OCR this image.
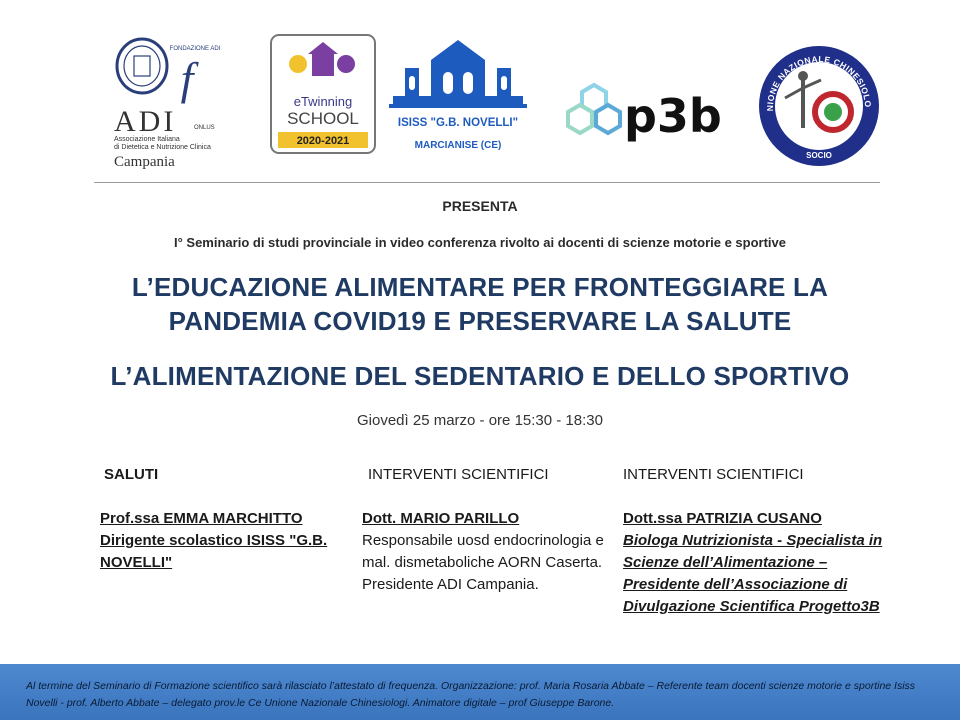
FONDAZIONE ADI
f
ADI	ONLUS
Associazione Italiana
di Dietetica e Nutrizione Clinica
Campania
eTwinning
SCHOOL
2020-2021
ISISS "G.B. NOVELLI"
MARCIANISE (CE)
p3b	NIONE NAZIONALE CHINESIOLO
SOCIO
PRESENTA
I° Seminario di studi provinciale in video conferenza rivolto ai docenti di scienze motorie e sportive
L’EDUCAZIONE ALIMENTARE PER FRONTEGGIARE LA
PANDEMIA COVID19 E PRESERVARE LA SALUTE
L’ALIMENTAZIONE DEL SEDENTARIO E DELLO SPORTIVO
Giovedì 25 marzo - ore 15:30 - 18:30
SALUTI
Prof.ssa EMMA MARCHITTO
Dirigente scolastico ISISS "G.B. NOVELLI"
INTERVENTI SCIENTIFICI
Dott. MARIO PARILLO
Responsabile uosd endocrinologia e mal. dismetaboliche AORN Caserta. Presidente ADI Campania.
INTERVENTI SCIENTIFICI
Dott.ssa PATRIZIA CUSANO
Biologa Nutrizionista - Specialista in Scienze dell’Alimentazione – Presidente dell’Associazione di Divulgazione Scientifica Progetto3B
Al termine del Seminario di Formazione scientifico sarà rilasciato l’attestato di frequenza. Organizzazione: prof. Maria Rosaria Abbate – Referente team docenti scienze motorie e sportine Isiss Novelli - prof. Alberto Abbate – delegato prov.le Ce Unione Nazionale Chinesiologi. Animatore digitale – prof Giuseppe Barone.
